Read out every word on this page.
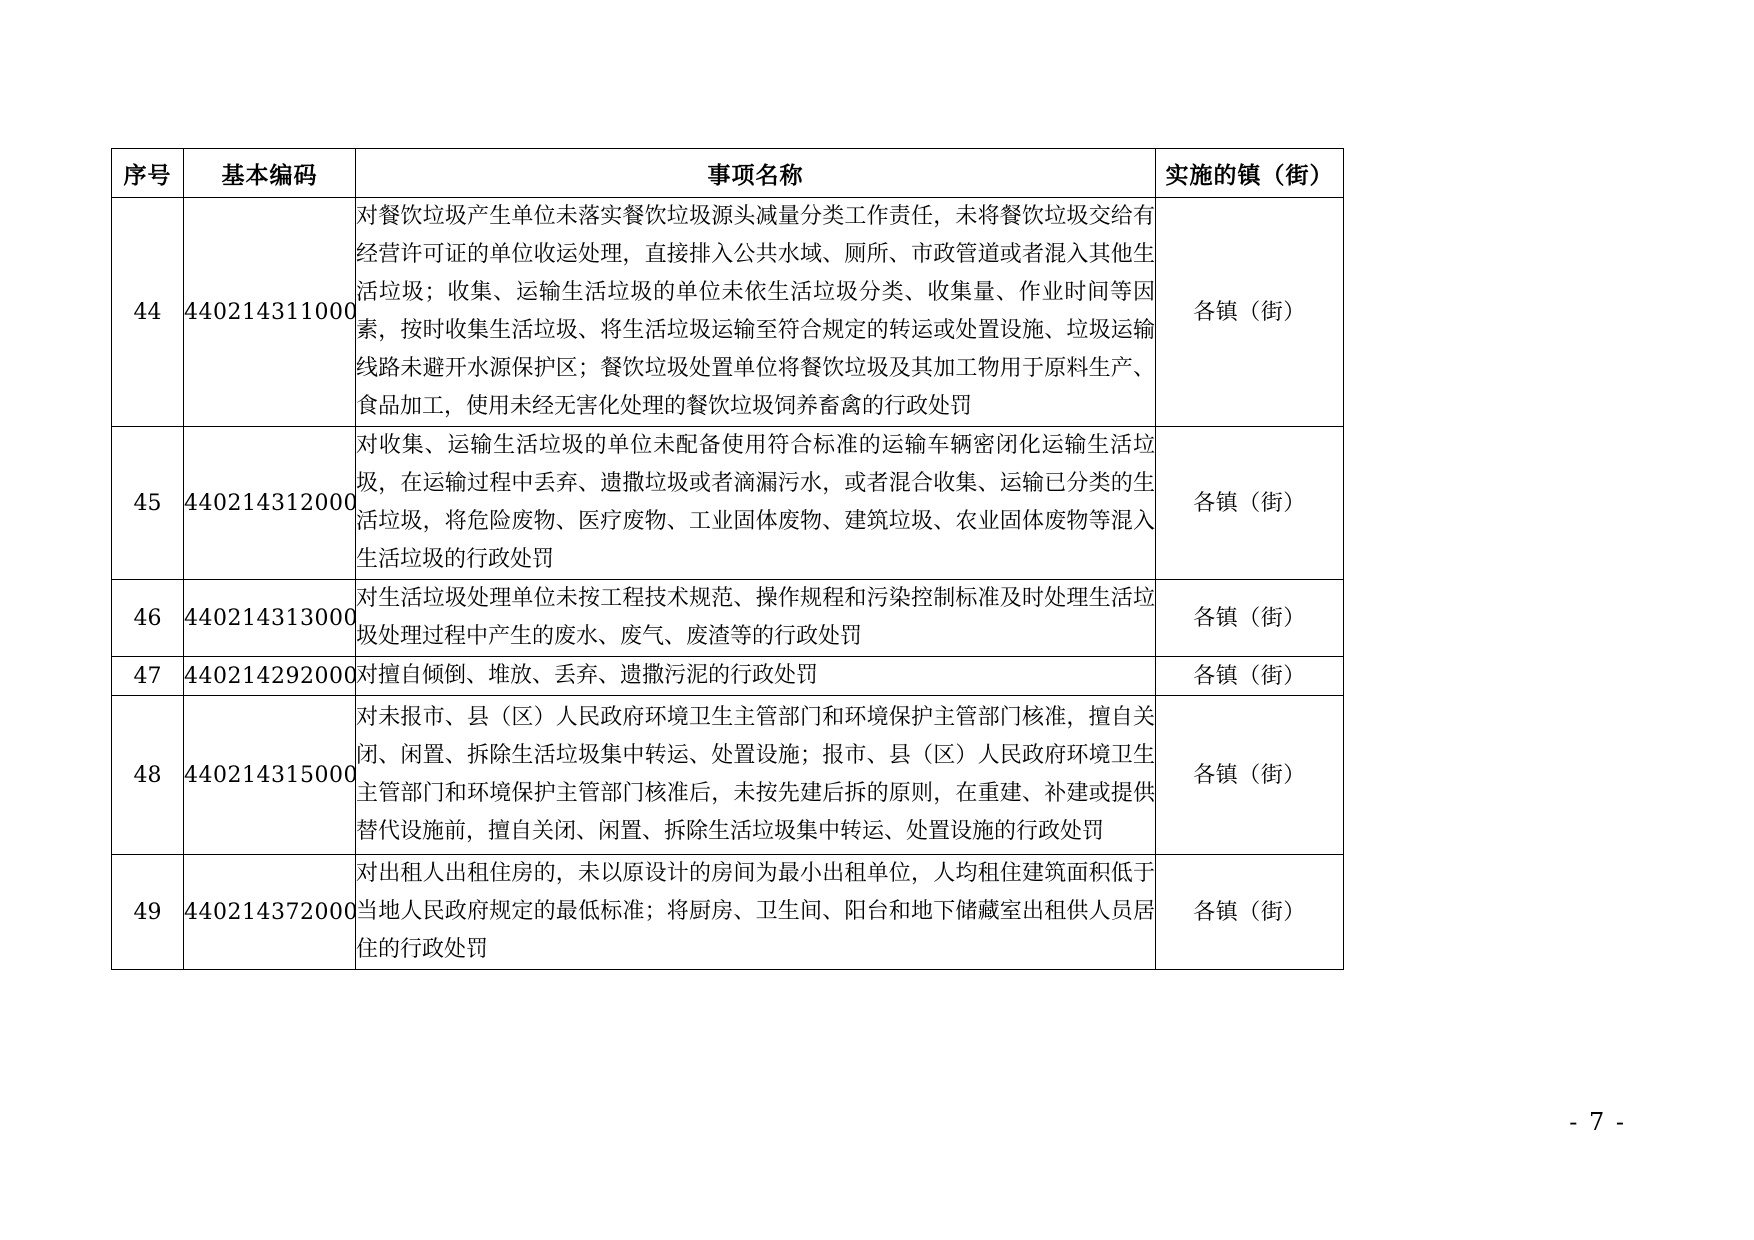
序号	基本编码	事项名称	实施的镇（街）
44	440214311000	对餐饮垃圾产生单位未落实餐饮垃圾源头减量分类工作责任，未将餐饮垃圾交给有经营许可证的单位收运处理，直接排入公共水域、厕所、市政管道或者混入其他生活垃圾；收集、运输生活垃圾的单位未依生活垃圾分类、收集量、作业时间等因素，按时收集生活垃圾、将生活垃圾运输至符合规定的转运或处置设施、垃圾运输线路未避开水源保护区；餐饮垃圾处置单位将餐饮垃圾及其加工物用于原料生产、食品加工，使用未经无害化处理的餐饮垃圾饲养畜禽的行政处罚	各镇（街）
45	440214312000	对收集、运输生活垃圾的单位未配备使用符合标准的运输车辆密闭化运输生活垃圾，在运输过程中丢弃、遗撒垃圾或者滴漏污水，或者混合收集、运输已分类的生活垃圾，将危险废物、医疗废物、工业固体废物、建筑垃圾、农业固体废物等混入生活垃圾的行政处罚	各镇（街）
46	440214313000	对生活垃圾处理单位未按工程技术规范、操作规程和污染控制标准及时处理生活垃圾处理过程中产生的废水、废气、废渣等的行政处罚	各镇（街）
47	440214292000	对擅自倾倒、堆放、丢弃、遗撒污泥的行政处罚	各镇（街）
48	440214315000	对未报市、县（区）人民政府环境卫生主管部门和环境保护主管部门核准，擅自关闭、闲置、拆除生活垃圾集中转运、处置设施；报市、县（区）人民政府环境卫生主管部门和环境保护主管部门核准后，未按先建后拆的原则，在重建、补建或提供替代设施前，擅自关闭、闲置、拆除生活垃圾集中转运、处置设施的行政处罚	各镇（街）
49	440214372000	对出租人出租住房的，未以原设计的房间为最小出租单位，人均租住建筑面积低于当地人民政府规定的最低标准；将厨房、卫生间、阳台和地下储藏室出租供人员居住的行政处罚	各镇（街）
- 7 -
